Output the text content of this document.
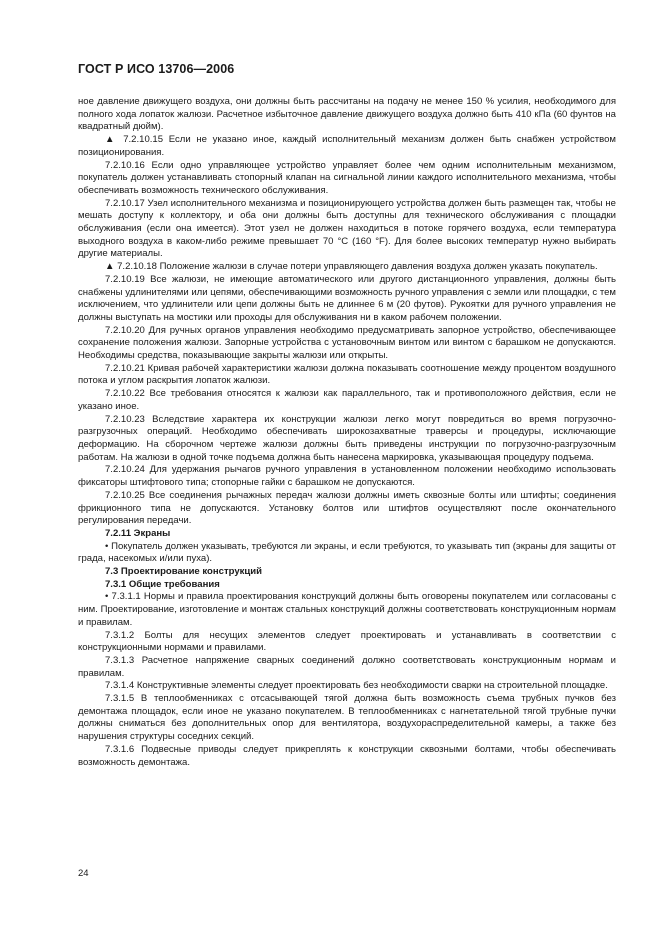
ГОСТ Р ИСО 13706—2006

ное давление движущего воздуха, они должны быть рассчитаны на подачу не менее 150 % усилия, необходимого для полного хода лопаток жалюзи. Расчетное избыточное давление движущего воздуха должно быть 410 кПа (60 фунтов на квадратный дюйм).

▲ 7.2.10.15 Если не указано иное, каждый исполнительный механизм должен быть снабжен устройством позиционирования.

7.2.10.16 Если одно управляющее устройство управляет более чем одним исполнительным механизмом, покупатель должен устанавливать стопорный клапан на сигнальной линии каждого исполнительного механизма, чтобы обеспечивать возможность технического обслуживания.

7.2.10.17 Узел исполнительного механизма и позиционирующего устройства должен быть размещен так, чтобы не мешать доступу к коллектору, и оба они должны быть доступны для технического обслуживания с площадки обслуживания (если она имеется). Этот узел не должен находиться в потоке горячего воздуха, если температура выходного воздуха в каком-либо режиме превышает 70 °С (160 °F). Для более высоких температур нужно выбирать другие материалы.

▲ 7.2.10.18 Положение жалюзи в случае потери управляющего давления воздуха должен указать покупатель.

7.2.10.19 Все жалюзи, не имеющие автоматического или другого дистанционного управления, должны быть снабжены удлинителями или цепями, обеспечивающими возможность ручного управления с земли или площадки, с тем исключением, что удлинители или цепи должны быть не длиннее 6 м (20 футов). Рукоятки для ручного управления не должны выступать на мостики или проходы для обслуживания ни в каком рабочем положении.

7.2.10.20 Для ручных органов управления необходимо предусматривать запорное устройство, обеспечивающее сохранение положения жалюзи. Запорные устройства с установочным винтом или винтом с барашком не допускаются. Необходимы средства, показывающие закрыты жалюзи или открыты.

7.2.10.21 Кривая рабочей характеристики жалюзи должна показывать соотношение между процентом воздушного потока и углом раскрытия лопаток жалюзи.

7.2.10.22 Все требования относятся к жалюзи как параллельного, так и противоположного действия, если не указано иное.

7.2.10.23 Вследствие характера их конструкции жалюзи легко могут повредиться во время погрузочно-разгрузочных операций. Необходимо обеспечивать широкозахватные траверсы и процедуры, исключающие деформацию. На сборочном чертеже жалюзи должны быть приведены инструкции по погрузочно-разгрузочным работам. На жалюзи в одной точке подъема должна быть нанесена маркировка, указывающая процедуру подъема.

7.2.10.24 Для удержания рычагов ручного управления в установленном положении необходимо использовать фиксаторы штифтового типа; стопорные гайки с барашком не допускаются.

7.2.10.25 Все соединения рычажных передач жалюзи должны иметь сквозные болты или штифты; соединения фрикционного типа не допускаются. Установку болтов или штифтов осуществляют после окончательного регулирования передачи.

7.2.11 Экраны

• Покупатель должен указывать, требуются ли экраны, и если требуются, то указывать тип (экраны для защиты от града, насекомых и/или пуха).

7.3 Проектирование конструкций

7.3.1 Общие требования

• 7.3.1.1 Нормы и правила проектирования конструкций должны быть оговорены покупателем или согласованы с ним. Проектирование, изготовление и монтаж стальных конструкций должны соответствовать конструкционным нормам и правилам.

7.3.1.2 Болты для несущих элементов следует проектировать и устанавливать в соответствии с конструкционными нормами и правилами.

7.3.1.3 Расчетное напряжение сварных соединений должно соответствовать конструкционным нормам и правилам.

7.3.1.4 Конструктивные элементы следует проектировать без необходимости сварки на строительной площадке.

7.3.1.5 В теплообменниках с отсасывающей тягой должна быть возможность съема трубных пучков без демонтажа площадок, если иное не указано покупателем. В теплообменниках с нагнетательной тягой трубные пучки должны сниматься без дополнительных опор для вентилятора, воздухораспределительной камеры, а также без нарушения структуры соседних секций.

7.3.1.6 Подвесные приводы следует прикреплять к конструкции сквозными болтами, чтобы обеспечивать возможность демонтажа.

24
